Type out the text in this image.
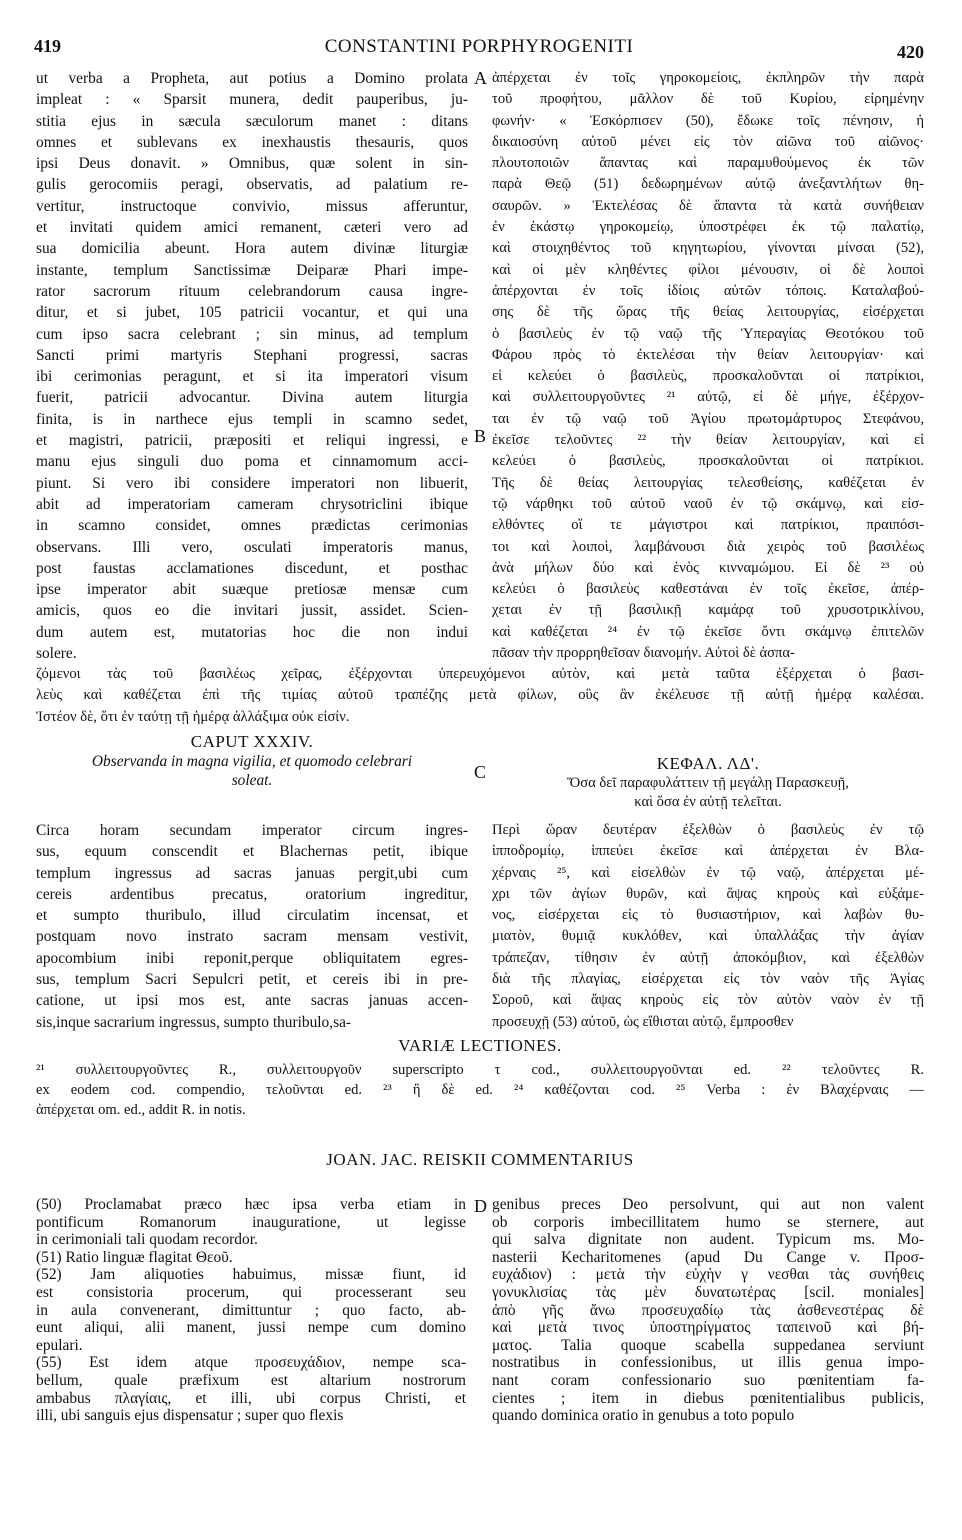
419	CONSTANTINI PORPHYROGENITI	420
A
B
C
D
ut verba a Propheta, aut potius a Domino prolata
impleat : « Sparsit munera, dedit pauperibus, ju-
stitia ejus in sæcula sæculorum manet : ditans
omnes et sublevans ex inexhaustis thesauris, quos
ipsi Deus donavit. » Omnibus, quæ solent in sin-
gulis gerocomiis peragi, observatis, ad palatium re-
vertitur, instructoque convivio, missus afferuntur,
et invitati quidem amici remanent, cæteri vero ad
sua domicilia abeunt. Hora autem divinæ liturgiæ
instante, templum Sanctissimæ Deiparæ Phari impe-
rator sacrorum rituum celebrandorum causa ingre-
ditur, et si jubet, 105 patricii vocantur, et qui una
cum ipso sacra celebrant ; sin minus, ad templum
Sancti primi martyris Stephani progressi, sacras
ibi cerimonias peragunt, et si ita imperatori visum
fuerit, patricii advocantur. Divina autem liturgia
finita, is in narthece ejus templi in scamno sedet,
et magistri, patricii, præpositi et reliqui ingressi, e
manu ejus singuli duo poma et cinnamomum acci-
piunt. Si vero ibi considere imperatori non libuerit,
abit ad imperatoriam cameram chrysotriclini ibique
in scamno considet, omnes prædictas cerimonias
observans. Illi vero, osculati imperatoris manus,
post faustas acclamationes discedunt, et posthac
ipse imperator abit suæque pretiosæ mensæ cum
amicis, quos eo die invitari jussit, assidet. Scien-
dum autem est, mutatorias hoc die non indui
solere.
ἀπέρχεται ἐν τοῖς γηροκομείοις, ἐκπληρῶν τὴν παρὰ
τοῦ προφήτου, μᾶλλον δὲ τοῦ Κυρίου, εἰρημένην
φωνήν· « Ἐσκόρπισεν (50), ἔδωκε τοῖς πένησιν, ἡ
δικαιοσύνη αὐτοῦ μένει εἰς τὸν αἰῶνα τοῦ αἰῶνος·
πλουτοποιῶν ἅπαντας καὶ παραμυθούμενος ἐκ τῶν
παρὰ Θεῷ (51) δεδωρημένων αὐτῷ ἀνεξαντλήτων θη-
σαυρῶν. » Ἐκτελέσας δὲ ἅπαντα τὰ κατὰ συνήθειαν
ἐν ἑκάστῳ γηροκομείῳ, ὑποστρέφει ἐκ τῷ παλατίῳ,
καὶ στοιχηθέντος τοῦ κηγητωρίου, γίνονται μίνσαι (52),
καὶ οἱ μὲν κληθέντες φίλοι μένουσιν, οἱ δὲ λοιποὶ
ἀπέρχονται ἐν τοῖς ἰδίοις αὐτῶν τόποις. Καταλαβού-
σης δὲ τῆς ὥρας τῆς θείας λειτουργίας, εἰσέρχεται
ὁ βασιλεὺς ἐν τῷ ναῷ τῆς Ὑπεραγίας Θεοτόκου τοῦ
Φάρου πρὸς τὸ ἐκτελέσαι τὴν θείαν λειτουργίαν· καὶ
εἰ κελεύει ὁ βασιλεὺς, προσκαλοῦνται οἱ πατρίκιοι,
καὶ συλλειτουργοῦντες ²¹ αὐτῷ, εἰ δὲ μήγε, ἐξέρχον-
ται ἐν τῷ ναῷ τοῦ Ἁγίου πρωτομάρτυρος Στεφάνου,
ἐκεῖσε τελοῦντες ²² τὴν θείαν λειτουργίαν, καὶ εἰ
κελεύει ὁ βασιλεὺς, προσκαλοῦνται οἱ πατρίκιοι.
Τῆς δὲ θείας λειτουργίας τελεσθείσης, καθέζεται ἐν
τῷ νάρθηκι τοῦ αὐτοῦ ναοῦ ἐν τῷ σκάμνῳ, καὶ εἰσ-
ελθόντες οἵ τε μάγιστροι καὶ πατρίκιοι, πραιπόσι-
τοι καὶ λοιποὶ, λαμβάνουσι διὰ χειρὸς τοῦ βασιλέως
ἀνὰ μήλων δύο καὶ ἑνὸς κινναμώμου. Εἰ δὲ ²³ οὐ
κελεύει ὁ βασιλεὺς καθεστάναι ἐν τοῖς ἐκεῖσε, ἀπέρ-
χεται ἐν τῇ βασιλικῇ καμάρᾳ τοῦ χρυσοτρικλίνου,
καὶ καθέζεται ²⁴ ἐν τῷ ἐκεῖσε ὄντι σκάμνῳ ἐπιτελῶν
πᾶσαν τὴν προρρηθεῖσαν διανομήν. Αὐτοὶ δὲ ἀσπα-
ζόμενοι τὰς τοῦ βασιλέως χεῖρας, ἐξέρχονται ὑπερευχόμενοι αὐτὸν, καὶ μετὰ ταῦτα ἐξέρχεται ὁ βασι-
λεὺς καὶ καθέζεται ἐπὶ τῆς τιμίας αὐτοῦ τραπέζης μετὰ φίλων, οὓς ἂν ἐκέλευσε τῇ αὐτῇ ἡμέρᾳ καλέσαι.
Ἰστέον δὲ, ὅτι ἐν ταύτῃ τῇ ἡμέρᾳ ἀλλάξιμα οὐκ εἰσίν.
CAPUT XXXIV.
Observanda in magna vigilia, et quomodo celebrari
soleat.
ΚΕΦΑΛ. ΛΔ'.
Ὅσα δεῖ παραφυλάττειν τῇ μεγάλῃ Παρασκευῇ,
καὶ ὅσα ἐν αὐτῇ τελεῖται.
Circa horam secundam imperator circum ingres-
sus, equum conscendit et Blachernas petit, ibique
templum ingressus ad sacras januas pergit,ubi cum
cereis ardentibus precatus, oratorium ingreditur,
et sumpto thuribulo, illud circulatim incensat, et
postquam novo instrato sacram mensam vestivit,
apocombium inibi reponit,perque obliquitatem egres-
sus, templum Sacri Sepulcri petit, et cereis ibi in pre-
catione, ut ipsi mos est, ante sacras januas accen-
sis,inque sacrarium ingressus, sumpto thuribulo,sa-
Περὶ ὥραν δευτέραν ἐξελθὼν ὁ βασιλεὺς ἐν τῷ
ἱπποδρομίῳ, ἱππεύει ἐκεῖσε καὶ ἀπέρχεται ἐν Βλα-
χέρναις ²⁵, καὶ εἰσελθὼν ἐν τῷ ναῷ, ἀπέρχεται μέ-
χρι τῶν ἁγίων θυρῶν, καὶ ἅψας κηροὺς καὶ εὐξάμε-
νος, εἰσέρχεται εἰς τὸ θυσιαστήριον, καὶ λαβὼν θυ-
μιατὸν, θυμιᾷ κυκλόθεν, καὶ ὑπαλλάξας τὴν ἁγίαν
τράπεζαν, τίθησιν ἐν αὐτῇ ἀποκόμβιον, καὶ ἐξελθὼν
διὰ τῆς πλαγίας, εἰσέρχεται εἰς τὸν ναὸν τῆς Ἁγίας
Σοροῦ, καὶ ἅψας κηροὺς εἰς τὸν αὐτὸν ναὸν ἐν τῇ
προσευχῇ (53) αὐτοῦ, ὡς εἴθισται αὐτῷ, ἔμπροσθεν
VARIÆ LECTIONES.
²¹ συλλειτουργοῦντες R., συλλειτουργοῦν superscripto τ cod., συλλειτουργοῦνται ed. ²² τελοῦντες R.
ex eodem cod. compendio, τελοῦνται ed. ²³ ἢ δὲ ed. ²⁴ καθέζονται cod. ²⁵ Verba : ἐν Βλαχέρναις —
ἀπέρχεται om. ed., addit R. in notis.
JOAN. JAC. REISKII COMMENTARIUS
(50) Proclamabat præco hæc ipsa verba etiam in
pontificum Romanorum inauguratione, ut legisse
in cerimoniali tali quodam recordor.
(51) Ratio linguæ flagitat Θεοῦ.
(52) Jam aliquoties habuimus, missæ fiunt, id
est consistoria procerum, qui processerant seu
in aula convenerant, dimittuntur ; quo facto, ab-
eunt aliqui, alii manent, jussi nempe cum domino
epulari.
(55) Est idem atque προσευχάδιον, nempe sca-
bellum, quale præfixum est altarium nostrorum
ambabus πλαγίαις, et illi, ubi corpus Christi, et
illi, ubi sanguis ejus dispensatur ; super quo flexis
genibus preces Deo persolvunt, qui aut non valent
ob corporis imbecillitatem humo se sternere, aut
qui salva dignitate non audent. Typicum ms. Mo-
nasterii Kecharitomenes (apud Du Cange v. Προσ-
ευχάδιον) : μετὰ τὴν εὐχὴν γ νεσθαι τὰς συνήθεις
γονυκλισίας τὰς μὲν δυνατωτέρας [scil. moniales]
ἀπὸ γῆς ἄνω προσευχαδίῳ τὰς ἀσθενεστέρας δὲ
καὶ μετὰ τινος ὑποστηρίγματος ταπεινοῦ καὶ βή-
ματος. Talia quoque scabella suppedanea serviunt
nostratibus in confessionibus, ut illis genua impo-
nant coram confessionario suo pœnitentiam fa-
cientes ; item in diebus pœnitentialibus publicis,
quando dominica oratio in genubus a toto populo
